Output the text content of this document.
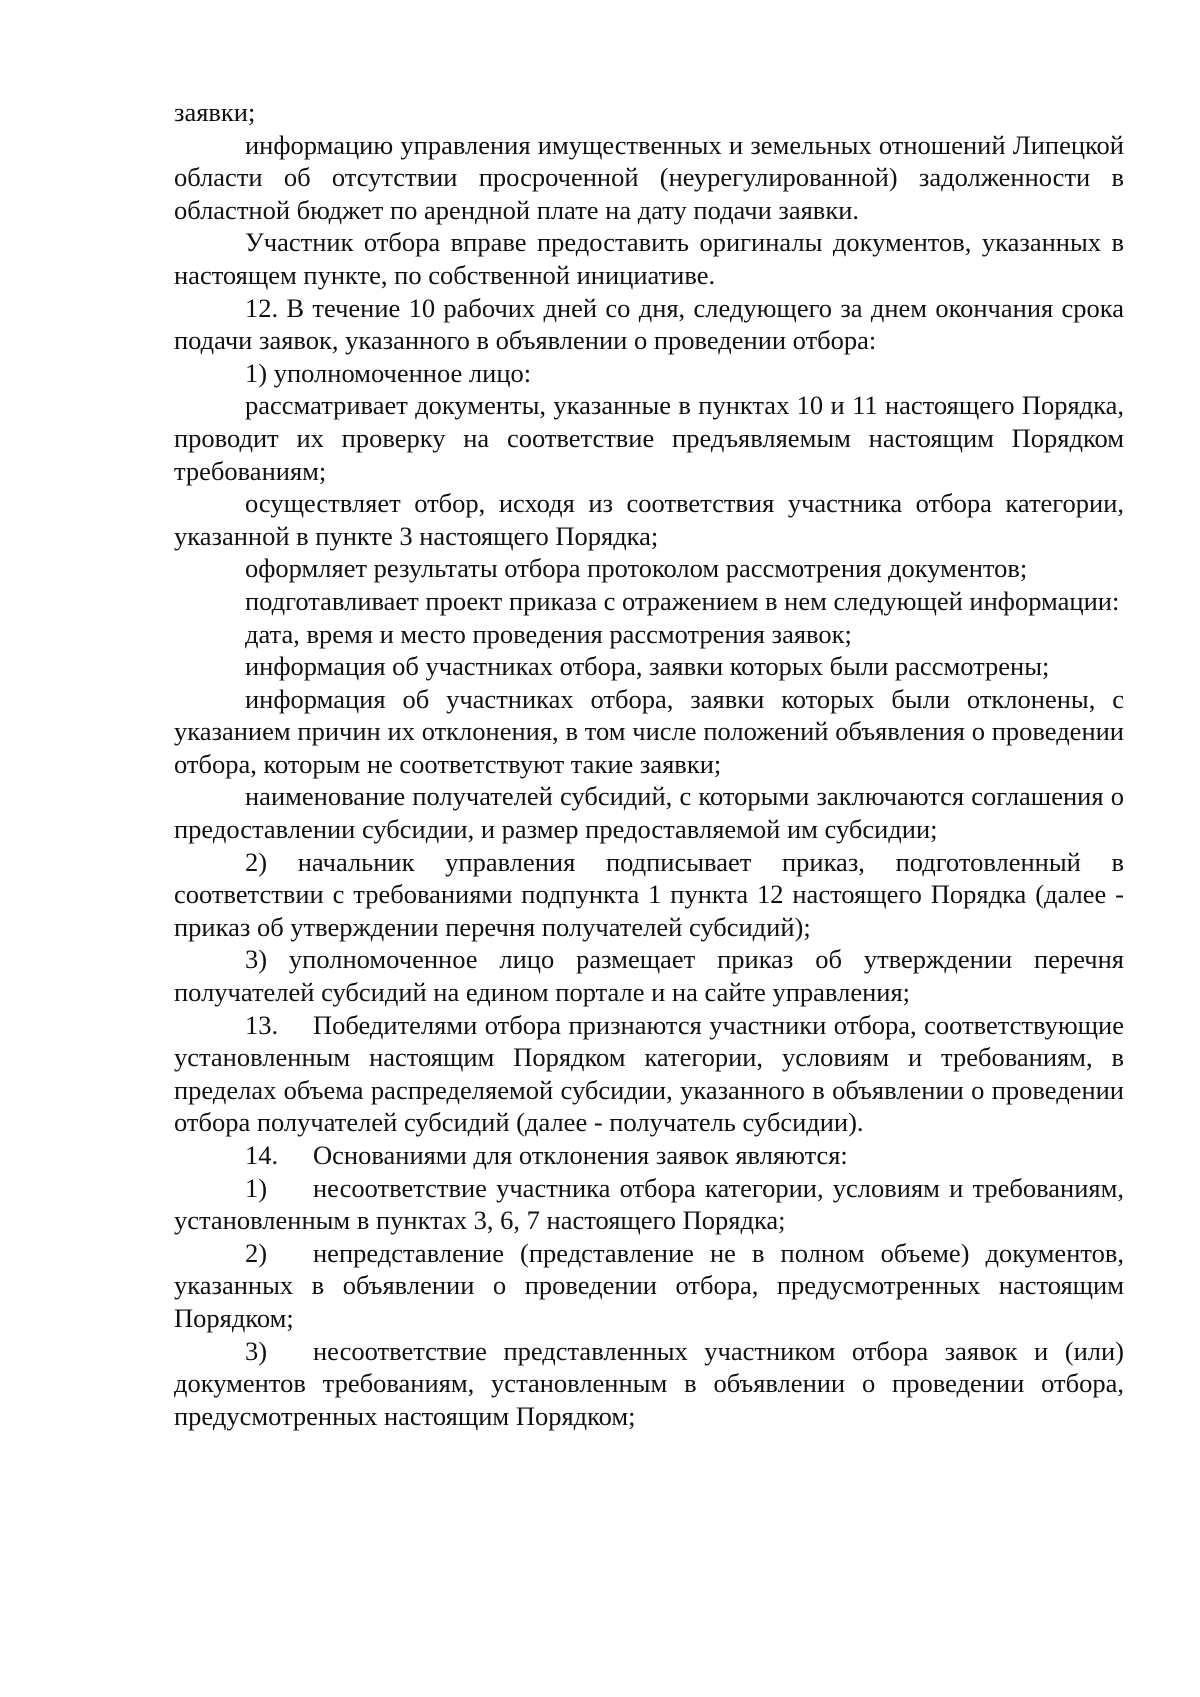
заявки;

информацию управления имущественных и земельных отношений Липецкой области об отсутствии просроченной (неурегулированной) задолженности в областной бюджет по арендной плате на дату подачи заявки.

Участник отбора вправе предоставить оригиналы документов, указанных в настоящем пункте, по собственной инициативе.

12. В течение 10 рабочих дней со дня, следующего за днем окончания срока подачи заявок, указанного в объявлении о проведении отбора:

1) уполномоченное лицо:

рассматривает документы, указанные в пунктах 10 и 11 настоящего Порядка, проводит их проверку на соответствие предъявляемым настоящим Порядком требованиям;

осуществляет отбор, исходя из соответствия участника отбора категории, указанной в пункте 3 настоящего Порядка;

оформляет результаты отбора протоколом рассмотрения документов;

подготавливает проект приказа с отражением в нем следующей информации:

дата, время и место проведения рассмотрения заявок;

информация об участниках отбора, заявки которых были рассмотрены;

информация об участниках отбора, заявки которых были отклонены, с указанием причин их отклонения, в том числе положений объявления о проведении отбора, которым не соответствуют такие заявки;

наименование получателей субсидий, с которыми заключаются соглашения о предоставлении субсидии, и размер предоставляемой им субсидии;

2) начальник управления подписывает приказ, подготовленный в соответствии с требованиями подпункта 1 пункта 12 настоящего Порядка (далее - приказ об утверждении перечня получателей субсидий);

3) уполномоченное лицо размещает приказ об утверждении перечня получателей субсидий на едином портале и на сайте управления;

13. Победителями отбора признаются участники отбора, соответствующие установленным настоящим Порядком категории, условиям и требованиям, в пределах объема распределяемой субсидии, указанного в объявлении о проведении отбора получателей субсидий (далее - получатель субсидии).

14. Основаниями для отклонения заявок являются:

1) несоответствие участника отбора категории, условиям и требованиям, установленным в пунктах 3, 6, 7 настоящего Порядка;

2) непредставление (представление не в полном объеме) документов, указанных в объявлении о проведении отбора, предусмотренных настоящим Порядком;

3) несоответствие представленных участником отбора заявок и (или) документов требованиям, установленным в объявлении о проведении отбора, предусмотренных настоящим Порядком;
